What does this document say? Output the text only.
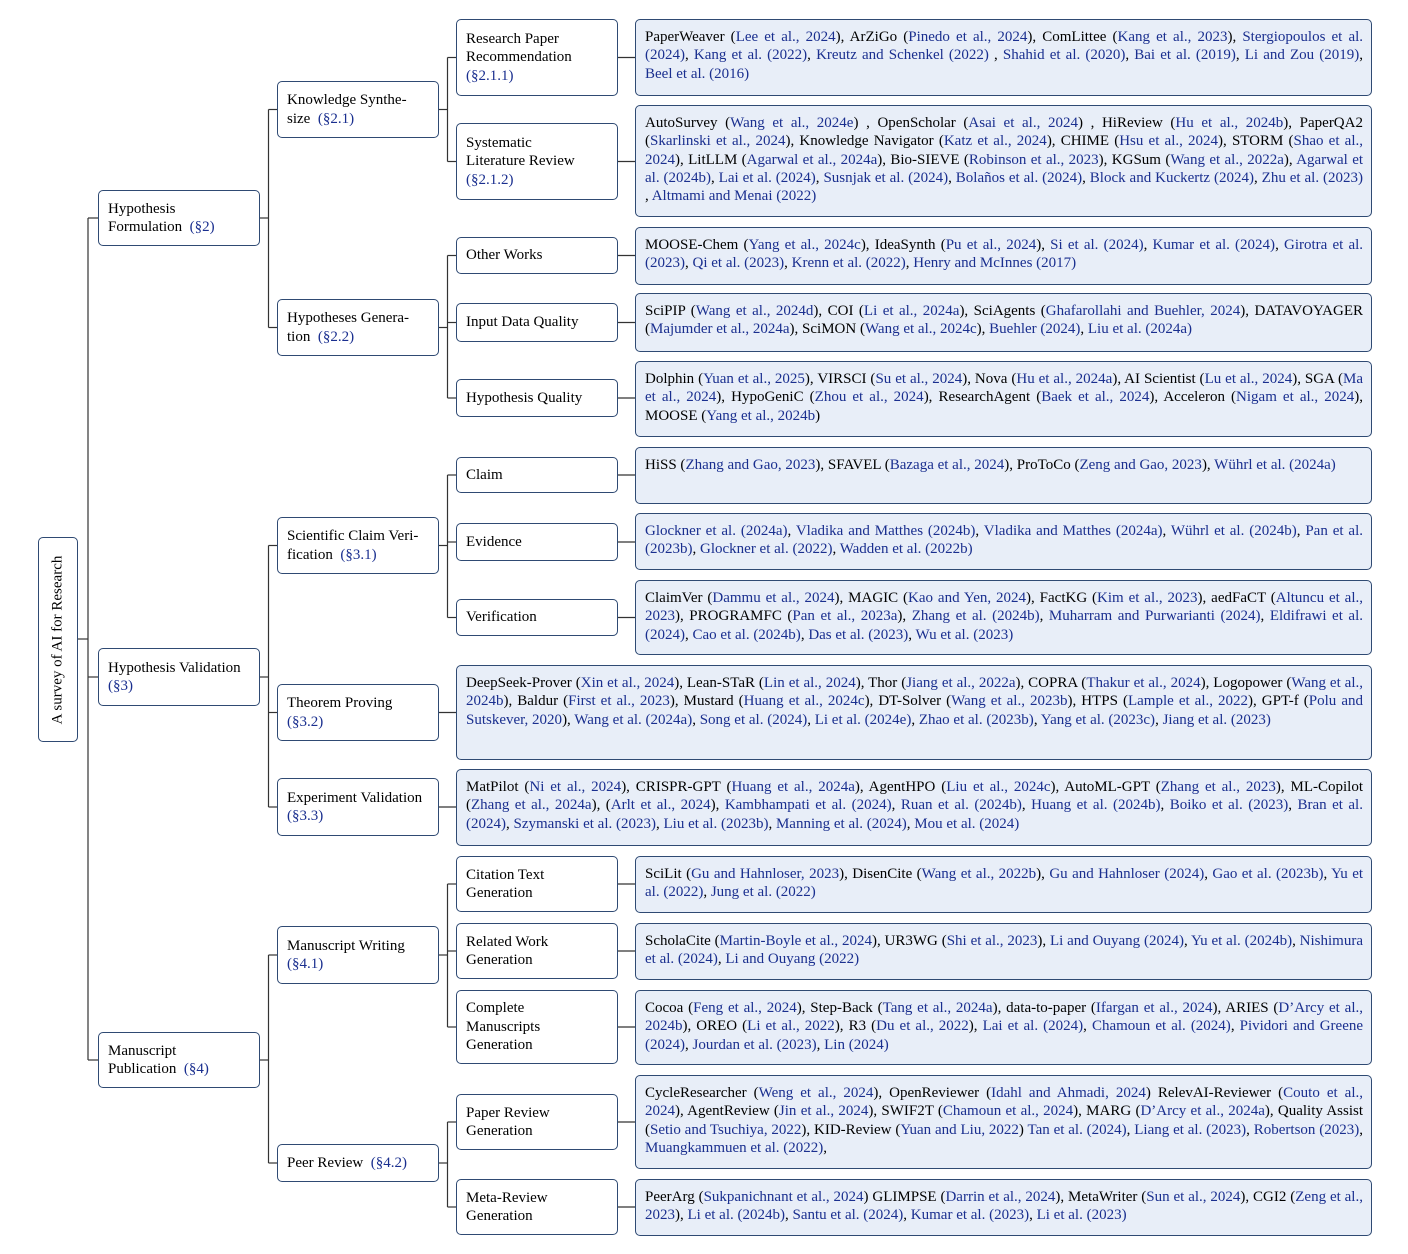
A survey of AI for Research
Hypothesis
Formulation  (§2)
Hypothesis Validation
(§3)
Manuscript
Publication  (§4)
Knowledge Synthe-
size  (§2.1)
Hypotheses Genera-
tion  (§2.2)
Scientific Claim Veri-
fication  (§3.1)
Theorem Proving
(§3.2)
Experiment Validation
(§3.3)
Manuscript Writing
(§4.1)
Peer Review  (§4.2)
Research Paper
Recommendation
(§2.1.1)
Systematic
Literature Review
(§2.1.2)
Other Works
Input Data Quality
Hypothesis Quality
Claim
Evidence
Verification
Citation Text
Generation
Related Work
Generation
Complete
Manuscripts
Generation
Paper Review
Generation
Meta-Review
Generation
PaperWeaver (Lee et al., 2024), ArZiGo (Pinedo et al., 2024), ComLittee (Kang et al., 2023), Stergiopoulos et al. (2024), Kang et al. (2022), Kreutz and Schenkel (2022) , Shahid et al. (2020), Bai et al. (2019), Li and Zou (2019), Beel et al. (2016)
AutoSurvey (Wang et al., 2024e) , OpenScholar (Asai et al., 2024) , HiReview (Hu et al., 2024b), PaperQA2 (Skarlinski et al., 2024), Knowledge Navigator (Katz et al., 2024), CHIME (Hsu et al., 2024), STORM (Shao et al., 2024), LitLLM (Agarwal et al., 2024a), Bio-SIEVE (Robinson et al., 2023), KGSum (Wang et al., 2022a), Agarwal et al. (2024b), Lai et al. (2024), Susnjak et al. (2024), Bolaños et al. (2024), Block and Kuckertz (2024), Zhu et al. (2023) , Altmami and Menai (2022)
MOOSE-Chem (Yang et al., 2024c), IdeaSynth (Pu et al., 2024), Si et al. (2024), Kumar et al. (2024), Girotra et al. (2023), Qi et al. (2023), Krenn et al. (2022), Henry and McInnes (2017)
SciPIP (Wang et al., 2024d), COI (Li et al., 2024a), SciAgents (Ghafarollahi and Buehler, 2024), DATAVOYAGER (Majumder et al., 2024a), SciMON (Wang et al., 2024c), Buehler (2024), Liu et al. (2024a)
Dolphin (Yuan et al., 2025), VIRSCI (Su et al., 2024), Nova (Hu et al., 2024a), AI Scientist (Lu et al., 2024), SGA (Ma et al., 2024), HypoGeniC (Zhou et al., 2024), ResearchAgent (Baek et al., 2024), Acceleron (Nigam et al., 2024), MOOSE (Yang et al., 2024b)
HiSS (Zhang and Gao, 2023), SFAVEL (Bazaga et al., 2024), ProToCo (Zeng and Gao, 2023), Wührl et al. (2024a)
Glockner et al. (2024a), Vladika and Matthes (2024b), Vladika and Matthes (2024a), Wührl et al. (2024b), Pan et al. (2023b), Glockner et al. (2022), Wadden et al. (2022b)
ClaimVer (Dammu et al., 2024), MAGIC (Kao and Yen, 2024), FactKG (Kim et al., 2023), aedFaCT (Altuncu et al., 2023), PROGRAMFC (Pan et al., 2023a), Zhang et al. (2024b), Muharram and Purwarianti (2024), Eldifrawi et al. (2024), Cao et al. (2024b), Das et al. (2023), Wu et al. (2023)
DeepSeek-Prover (Xin et al., 2024), Lean-STaR (Lin et al., 2024), Thor (Jiang et al., 2022a), COPRA (Thakur et al., 2024), Logopower (Wang et al., 2024b), Baldur (First et al., 2023), Mustard (Huang et al., 2024c), DT-Solver (Wang et al., 2023b), HTPS (Lample et al., 2022), GPT-f (Polu and Sutskever, 2020), Wang et al. (2024a), Song et al. (2024), Li et al. (2024e), Zhao et al. (2023b), Yang et al. (2023c), Jiang et al. (2023)
MatPilot (Ni et al., 2024), CRISPR-GPT (Huang et al., 2024a), AgentHPO (Liu et al., 2024c), AutoML-GPT (Zhang et al., 2023), ML-Copilot (Zhang et al., 2024a), (Arlt et al., 2024), Kambhampati et al. (2024), Ruan et al. (2024b), Huang et al. (2024b), Boiko et al. (2023), Bran et al. (2024), Szymanski et al. (2023), Liu et al. (2023b), Manning et al. (2024), Mou et al. (2024)
SciLit (Gu and Hahnloser, 2023), DisenCite (Wang et al., 2022b), Gu and Hahnloser (2024), Gao et al. (2023b), Yu et al. (2022), Jung et al. (2022)
ScholaCite (Martin-Boyle et al., 2024), UR3WG (Shi et al., 2023), Li and Ouyang (2024), Yu et al. (2024b), Nishimura et al. (2024), Li and Ouyang (2022)
Cocoa (Feng et al., 2024), Step-Back (Tang et al., 2024a), data-to-paper (Ifargan et al., 2024), ARIES (D’Arcy et al., 2024b), OREO (Li et al., 2022), R3 (Du et al., 2022), Lai et al. (2024), Chamoun et al. (2024), Pividori and Greene (2024), Jourdan et al. (2023), Lin (2024)
CycleResearcher (Weng et al., 2024), OpenReviewer (Idahl and Ahmadi, 2024) RelevAI-Reviewer (Couto et al., 2024), AgentReview (Jin et al., 2024), SWIF2T (Chamoun et al., 2024), MARG (D’Arcy et al., 2024a), Quality Assist (Setio and Tsuchiya, 2022), KID-Review (Yuan and Liu, 2022) Tan et al. (2024), Liang et al. (2023), Robertson (2023), Muangkammuen et al. (2022),
PeerArg (Sukpanichnant et al., 2024) GLIMPSE (Darrin et al., 2024), MetaWriter (Sun et al., 2024), CGI2 (Zeng et al., 2023), Li et al. (2024b), Santu et al. (2024), Kumar et al. (2023), Li et al. (2023)
